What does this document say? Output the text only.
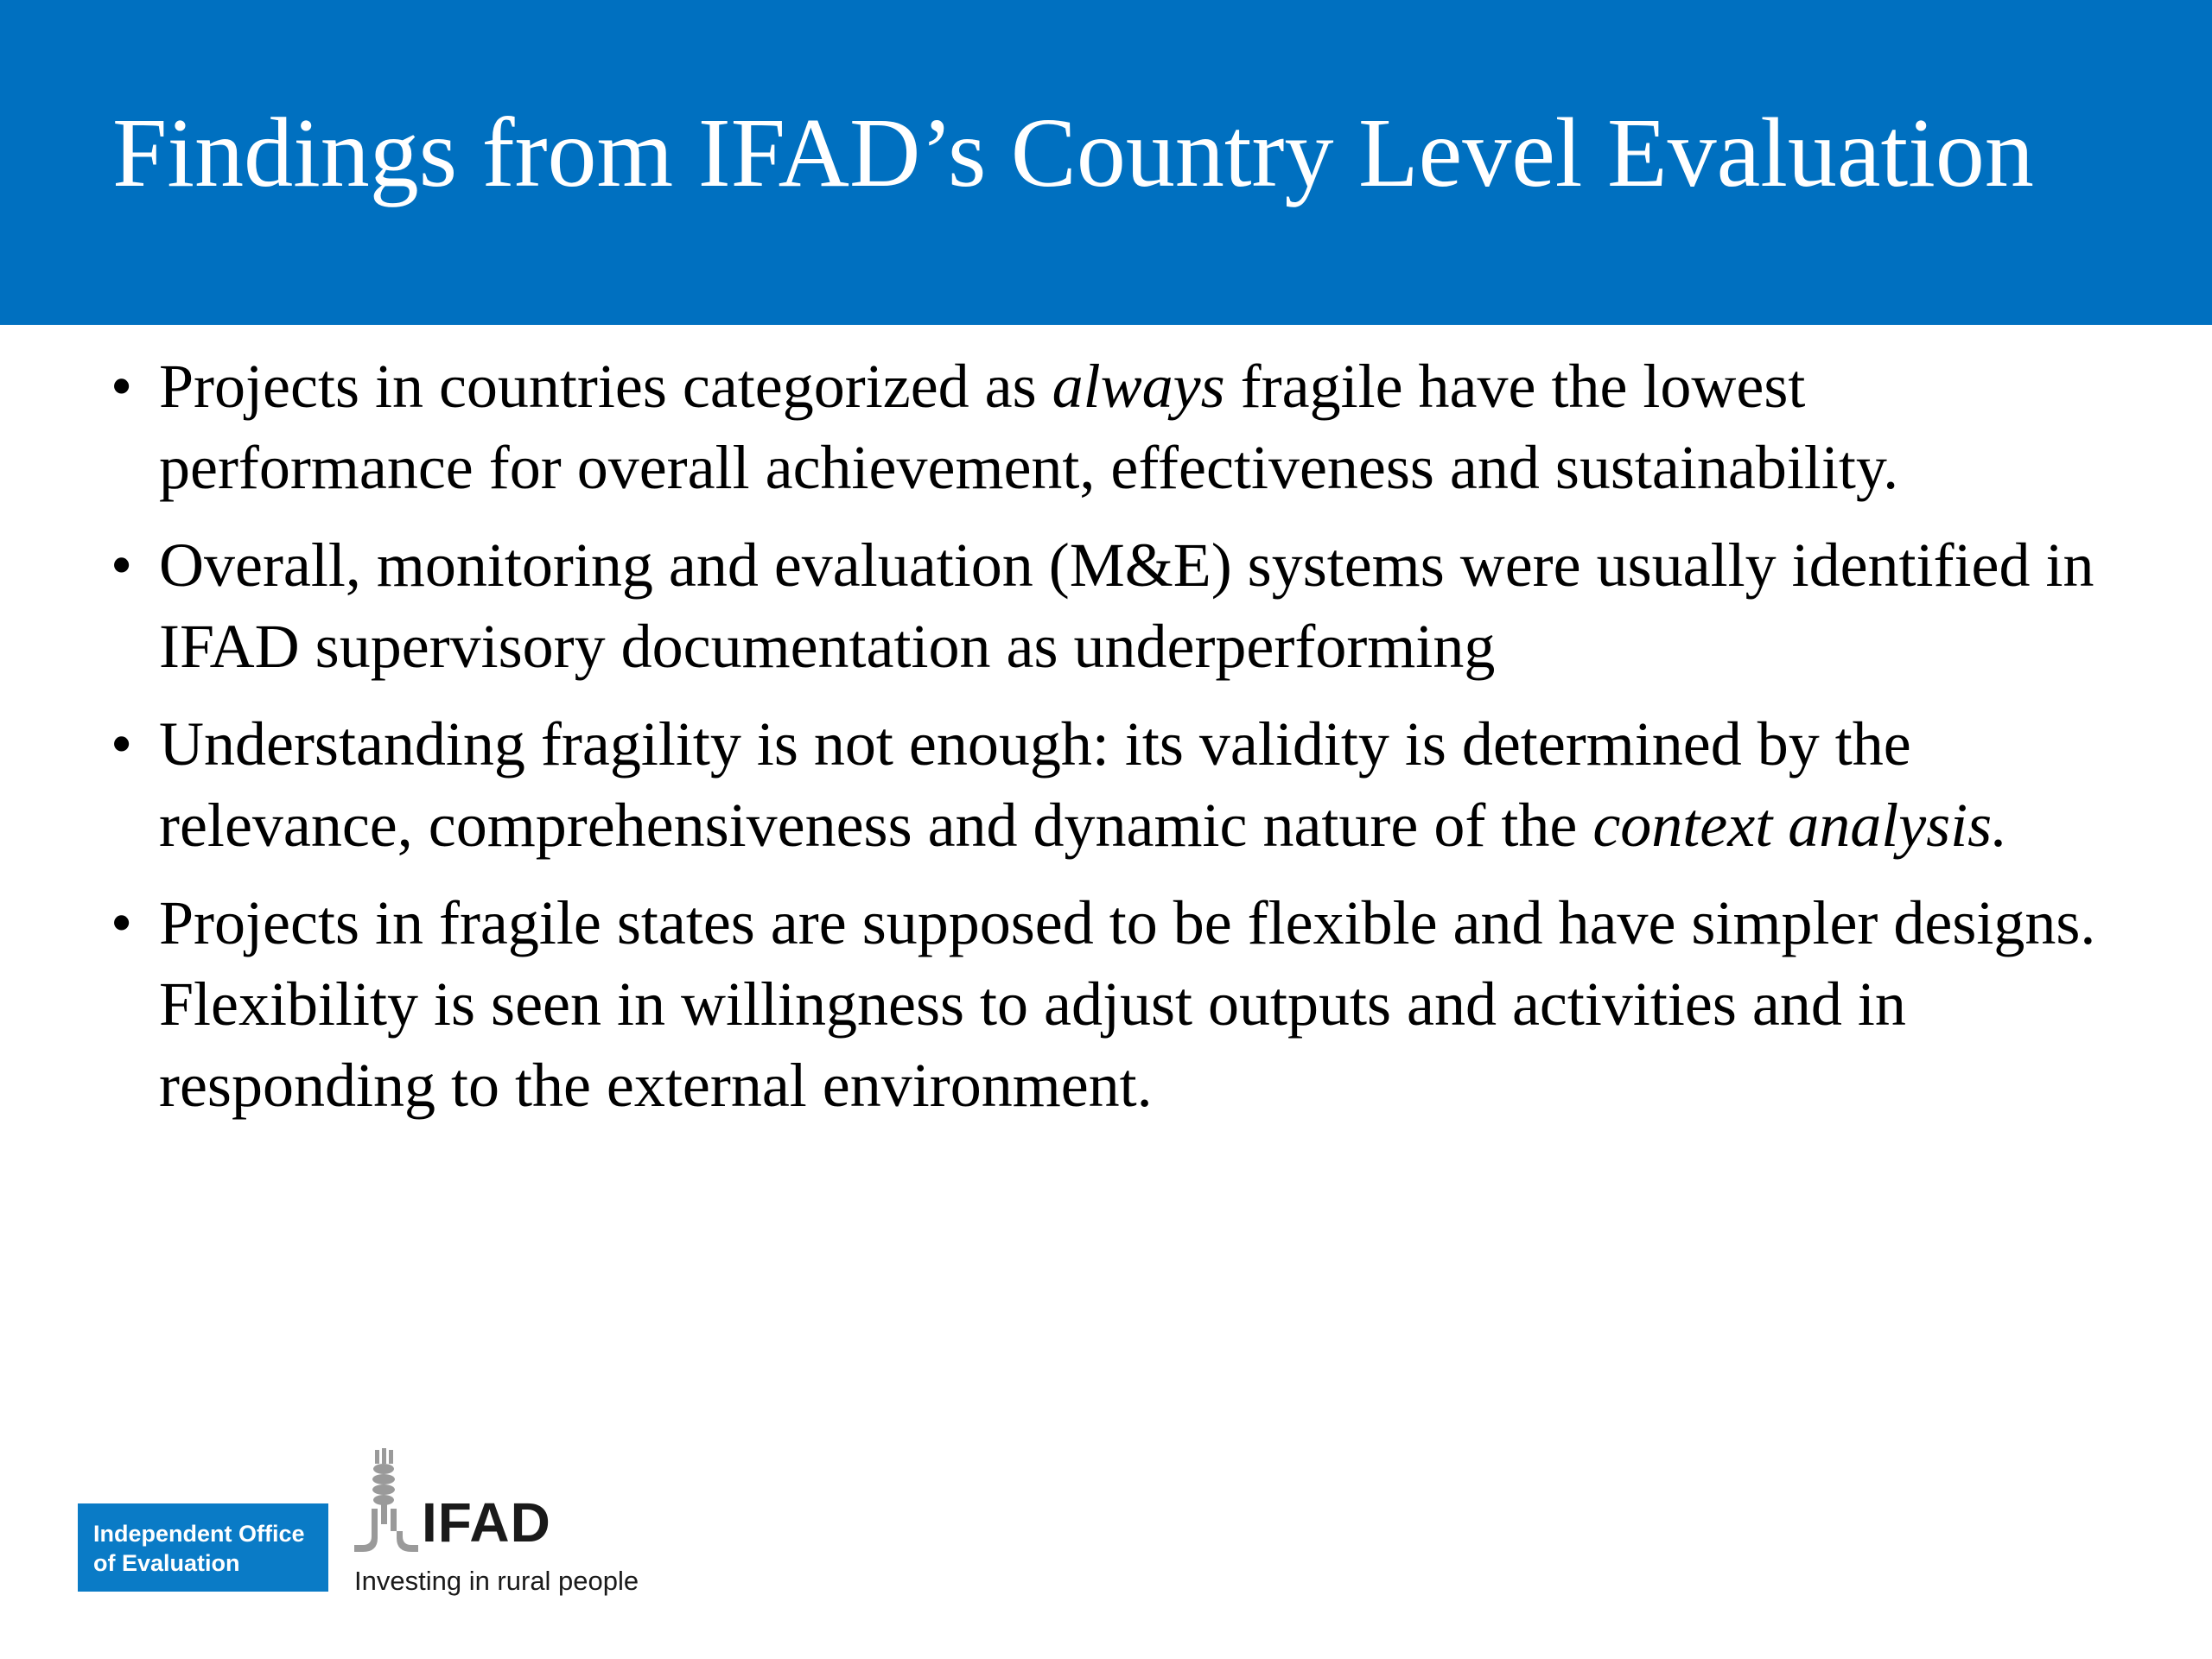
Findings from IFAD’s Country Level Evaluation
• Projects in countries categorized as always fragile have the lowest performance for overall achievement, effectiveness and sustainability.
• Overall, monitoring and evaluation (M&E) systems were usually identified in IFAD supervisory documentation as underperforming
• Understanding fragility is not enough: its validity is determined by the relevance, comprehensiveness and dynamic nature of the context analysis.
• Projects in fragile states are supposed to be flexible and have simpler designs. Flexibility is seen in willingness to adjust outputs and activities and in responding to the external environment.
Independent Office
of Evaluation
IFAD
Investing in rural people
